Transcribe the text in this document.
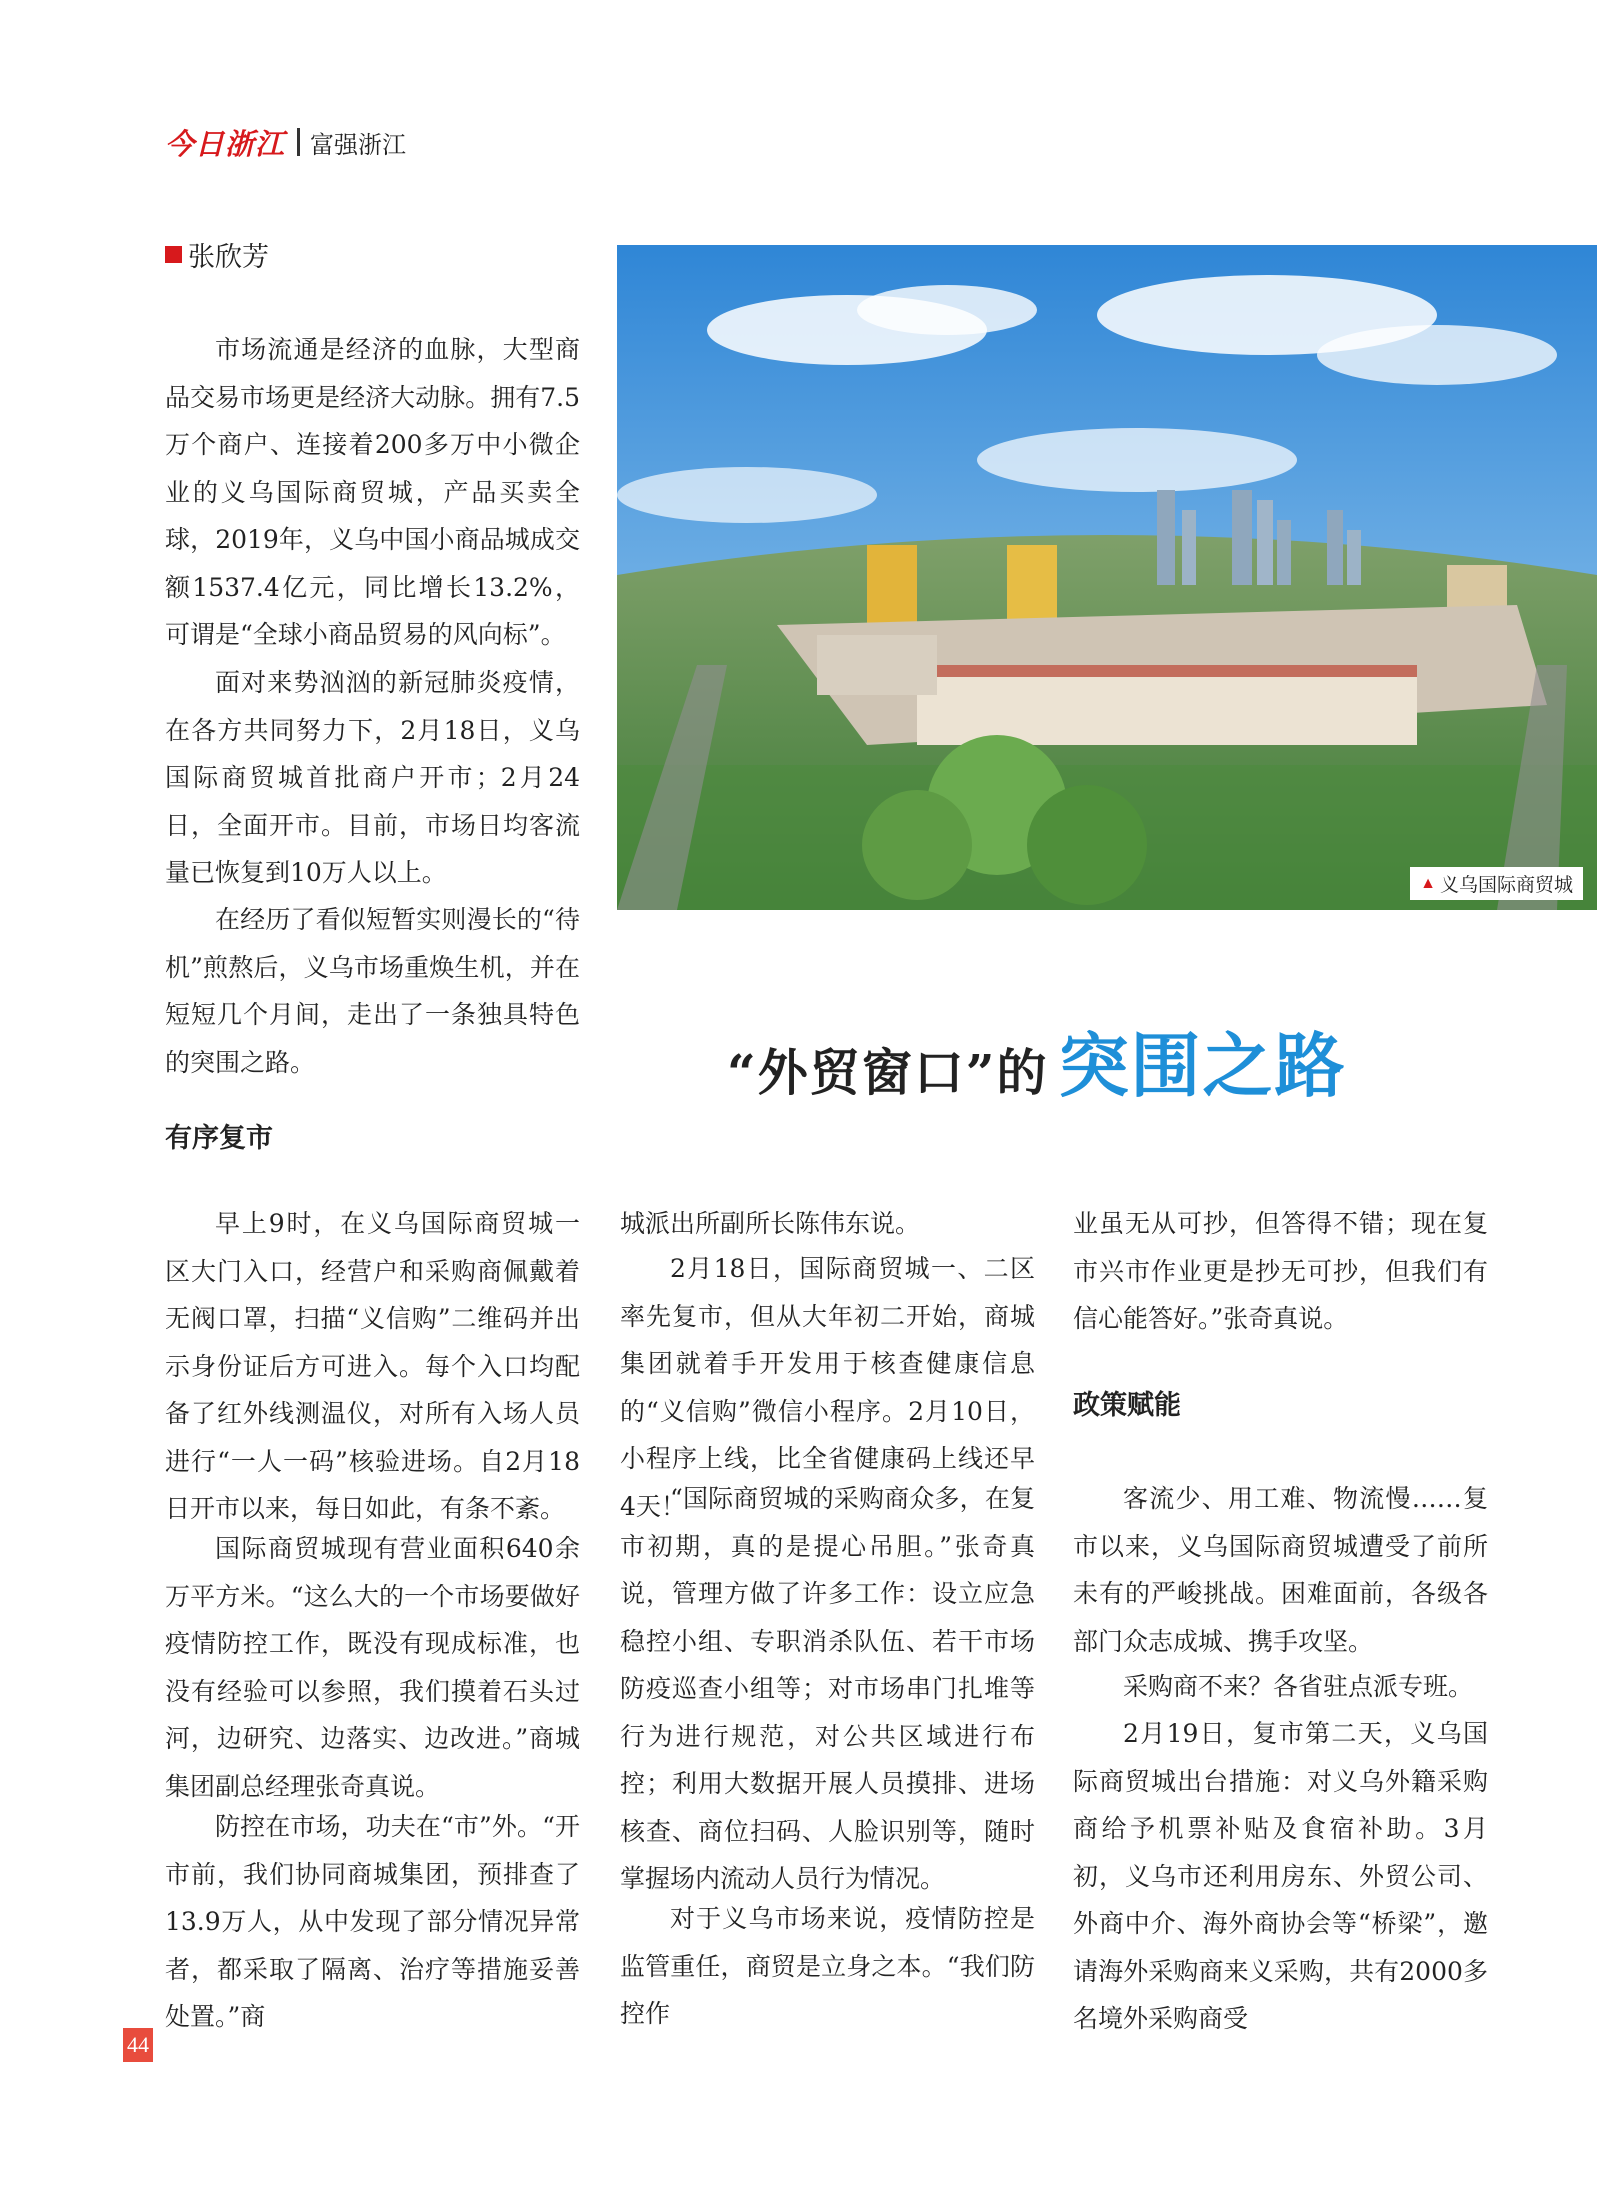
今日浙江 富强浙江
张欣芳
▲ 义乌国际商贸城
“外贸窗口”的 突围之路

市场流通是经济的血脉，大型商品交易市场更是经济大动脉。拥有7.5万个商户、连接着200多万中小微企业的义乌国际商贸城，产品买卖全球，2019年，义乌中国小商品城成交额1537.4亿元，同比增长13.2%，可谓是“全球小商品贸易的风向标”。

面对来势汹汹的新冠肺炎疫情，在各方共同努力下，2月18日，义乌国际商贸城首批商户开市；2月24日，全面开市。目前，市场日均客流量已恢复到10万人以上。

在经历了看似短暂实则漫长的“待机”煎熬后，义乌市场重焕生机，并在短短几个月间，走出了一条独具特色的突围之路。

有序复市

早上9时，在义乌国际商贸城一区大门入口，经营户和采购商佩戴着无阀口罩，扫描“义信购”二维码并出示身份证后方可进入。每个入口均配备了红外线测温仪，对所有入场人员进行“一人一码”核验进场。自2月18日开市以来，每日如此，有条不紊。

国际商贸城现有营业面积640余万平方米。“这么大的一个市场要做好疫情防控工作，既没有现成标准，也没有经验可以参照，我们摸着石头过河，边研究、边落实、边改进。”商城集团副总经理张奇真说。

防控在市场，功夫在“市”外。“开市前，我们协同商城集团，预排查了13.9万人，从中发现了部分情况异常者，都采取了隔离、治疗等措施妥善处置。”商

城派出所副所长陈伟东说。

2月18日，国际商贸城一、二区率先复市，但从大年初二开始，商城集团就着手开发用于核查健康信息的“义信购”微信小程序。2月10日，小程序上线，比全省健康码上线还早4天！

“国际商贸城的采购商众多，在复市初期，真的是提心吊胆。”张奇真说，管理方做了许多工作：设立应急稳控小组、专职消杀队伍、若干市场防疫巡查小组等；对市场串门扎堆等行为进行规范，对公共区域进行布控；利用大数据开展人员摸排、进场核查、商位扫码、人脸识别等，随时掌握场内流动人员行为情况。

对于义乌市场来说，疫情防控是监管重任，商贸是立身之本。“我们防控作

业虽无从可抄，但答得不错；现在复市兴市作业更是抄无可抄，但我们有信心能答好。”张奇真说。

政策赋能

客流少、用工难、物流慢……复市以来，义乌国际商贸城遭受了前所未有的严峻挑战。困难面前，各级各部门众志成城、携手攻坚。

采购商不来？各省驻点派专班。

2月19日，复市第二天，义乌国际商贸城出台措施：对义乌外籍采购商给予机票补贴及食宿补助。3月初，义乌市还利用房东、外贸公司、外商中介、海外商协会等“桥梁”，邀请海外采购商来义采购，共有2000多名境外采购商受

44
